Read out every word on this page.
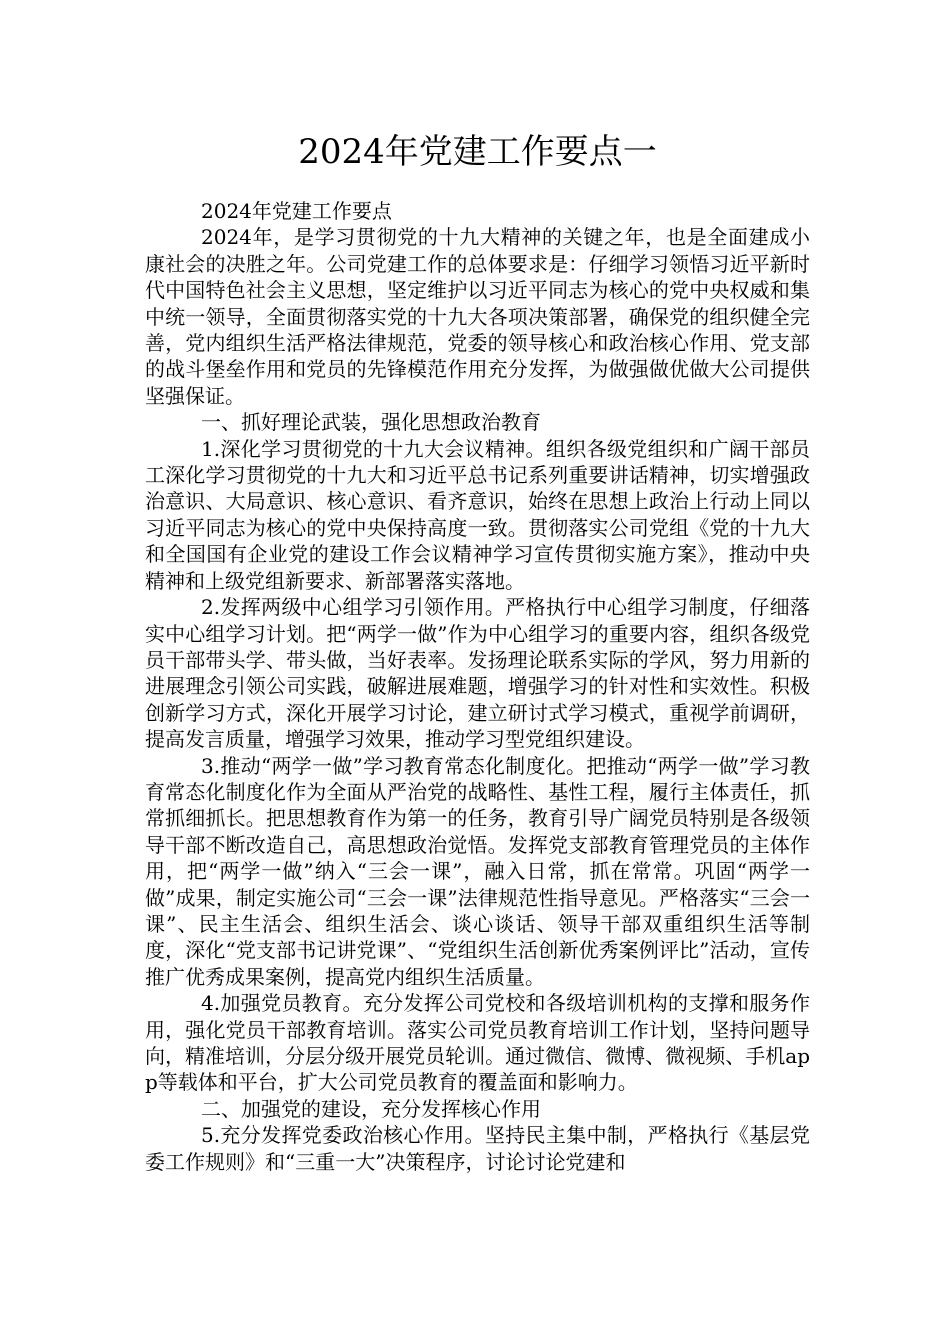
2024年党建工作要点一

2024年党建工作要点

2024年，是学习贯彻党的十九大精神的关键之年，也是全面建成小康社会的决胜之年。公司党建工作的总体要求是：仔细学习领悟习近平新时代中国特色社会主义思想，坚定维护以习近平同志为核心的党中央权威和集中统一领导，全面贯彻落实党的十九大各项决策部署，确保党的组织健全完善，党内组织生活严格法律规范，党委的领导核心和政治核心作用、党支部的战斗堡垒作用和党员的先锋模范作用充分发挥，为做强做优做大公司提供坚强保证。

一、抓好理论武装，强化思想政治教育

1.深化学习贯彻党的十九大会议精神。组织各级党组织和广阔干部员工深化学习贯彻党的十九大和习近平总书记系列重要讲话精神，切实增强政治意识、大局意识、核心意识、看齐意识，始终在思想上政治上行动上同以习近平同志为核心的党中央保持高度一致。贯彻落实公司党组《党的十九大和全国国有企业党的建设工作会议精神学习宣传贯彻实施方案》，推动中央精神和上级党组新要求、新部署落实落地。

2.发挥两级中心组学习引领作用。严格执行中心组学习制度，仔细落实中心组学习计划。把“两学一做”作为中心组学习的重要内容，组织各级党员干部带头学、带头做，当好表率。发扬理论联系实际的学风，努力用新的进展理念引领公司实践，破解进展难题，增强学习的针对性和实效性。积极创新学习方式，深化开展学习讨论，建立研讨式学习模式，重视学前调研，提高发言质量，增强学习效果，推动学习型党组织建设。

3.推动“两学一做”学习教育常态化制度化。把推动“两学一做”学习教育常态化制度化作为全面从严治党的战略性、基性工程，履行主体责任，抓常抓细抓长。把思想教育作为第一的任务，教育引导广阔党员特别是各级领导干部不断改造自己，高思想政治觉悟。发挥党支部教育管理党员的主体作用，把“两学一做”纳入“三会一课”，融入日常，抓在常常。巩固“两学一做”成果，制定实施公司“三会一课”法律规范性指导意见。严格落实“三会一课”、民主生活会、组织生活会、谈心谈话、领导干部双重组织生活等制度，深化“党支部书记讲党课”、“党组织生活创新优秀案例评比”活动，宣传推广优秀成果案例，提高党内组织生活质量。

4.加强党员教育。充分发挥公司党校和各级培训机构的支撑和服务作用，强化党员干部教育培训。落实公司党员教育培训工作计划，坚持问题导向，精准培训，分层分级开展党员轮训。通过微信、微博、微视频、手机app等载体和平台，扩大公司党员教育的覆盖面和影响力。

二、加强党的建设，充分发挥核心作用

5.充分发挥党委政治核心作用。坚持民主集中制，严格执行《基层党委工作规则》和“三重一大”决策程序，讨论讨论党建和
